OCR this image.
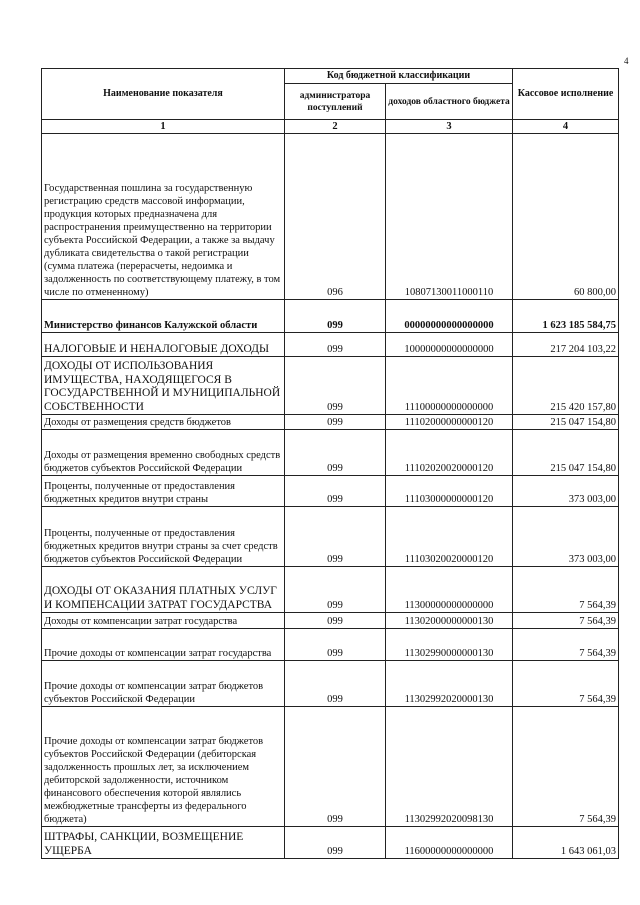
4
Наименование показателя	Код бюджетной классификации		Кассовое исполнение
	администратора поступлений	доходов областного бюджета	
1	2	3	4
Государственная пошлина за государственную регистрацию средств массовой информации, продукция которых предназначена для распространения преимущественно на территории субъекта Российской Федерации, а также за выдачу дубликата свидетельства о такой регистрации (сумма платежа (перерасчеты, недоимка и задолженность по соответствующему платежу, в том числе по отмененному)	096	10807130011000110	60 800,00
Министерство финансов Калужской области	099	00000000000000000	1 623 185 584,75
НАЛОГОВЫЕ И НЕНАЛОГОВЫЕ ДОХОДЫ	099	10000000000000000	217 204 103,22
ДОХОДЫ ОТ ИСПОЛЬЗОВАНИЯ ИМУЩЕСТВА, НАХОДЯЩЕГОСЯ В ГОСУДАРСТВЕННОЙ И МУНИЦИПАЛЬНОЙ СОБСТВЕННОСТИ	099	11100000000000000	215 420 157,80
Доходы от размещения средств бюджетов	099	11102000000000120	215 047 154,80
Доходы от размещения временно свободных средств бюджетов субъектов Российской Федерации	099	11102020020000120	215 047 154,80
Проценты, полученные от предоставления бюджетных кредитов внутри страны	099	11103000000000120	373 003,00
Проценты, полученные от предоставления бюджетных кредитов внутри страны за счет средств бюджетов субъектов Российской Федерации	099	11103020020000120	373 003,00
ДОХОДЫ ОТ ОКАЗАНИЯ ПЛАТНЫХ УСЛУГ И КОМПЕНСАЦИИ ЗАТРАТ ГОСУДАРСТВА	099	11300000000000000	7 564,39
Доходы от компенсации затрат государства	099	11302000000000130	7 564,39
Прочие доходы от компенсации затрат государства	099	11302990000000130	7 564,39
Прочие доходы от компенсации затрат бюджетов субъектов Российской Федерации	099	11302992020000130	7 564,39
Прочие доходы от компенсации затрат бюджетов субъектов Российской Федерации (дебиторская задолженность прошлых лет, за исключением дебиторской задолженности, источником финансового обеспечения которой являлись межбюджетные трансферты из федерального бюджета)	099	11302992020098130	7 564,39
ШТРАФЫ, САНКЦИИ, ВОЗМЕЩЕНИЕ УЩЕРБА	099	11600000000000000	1 643 061,03
